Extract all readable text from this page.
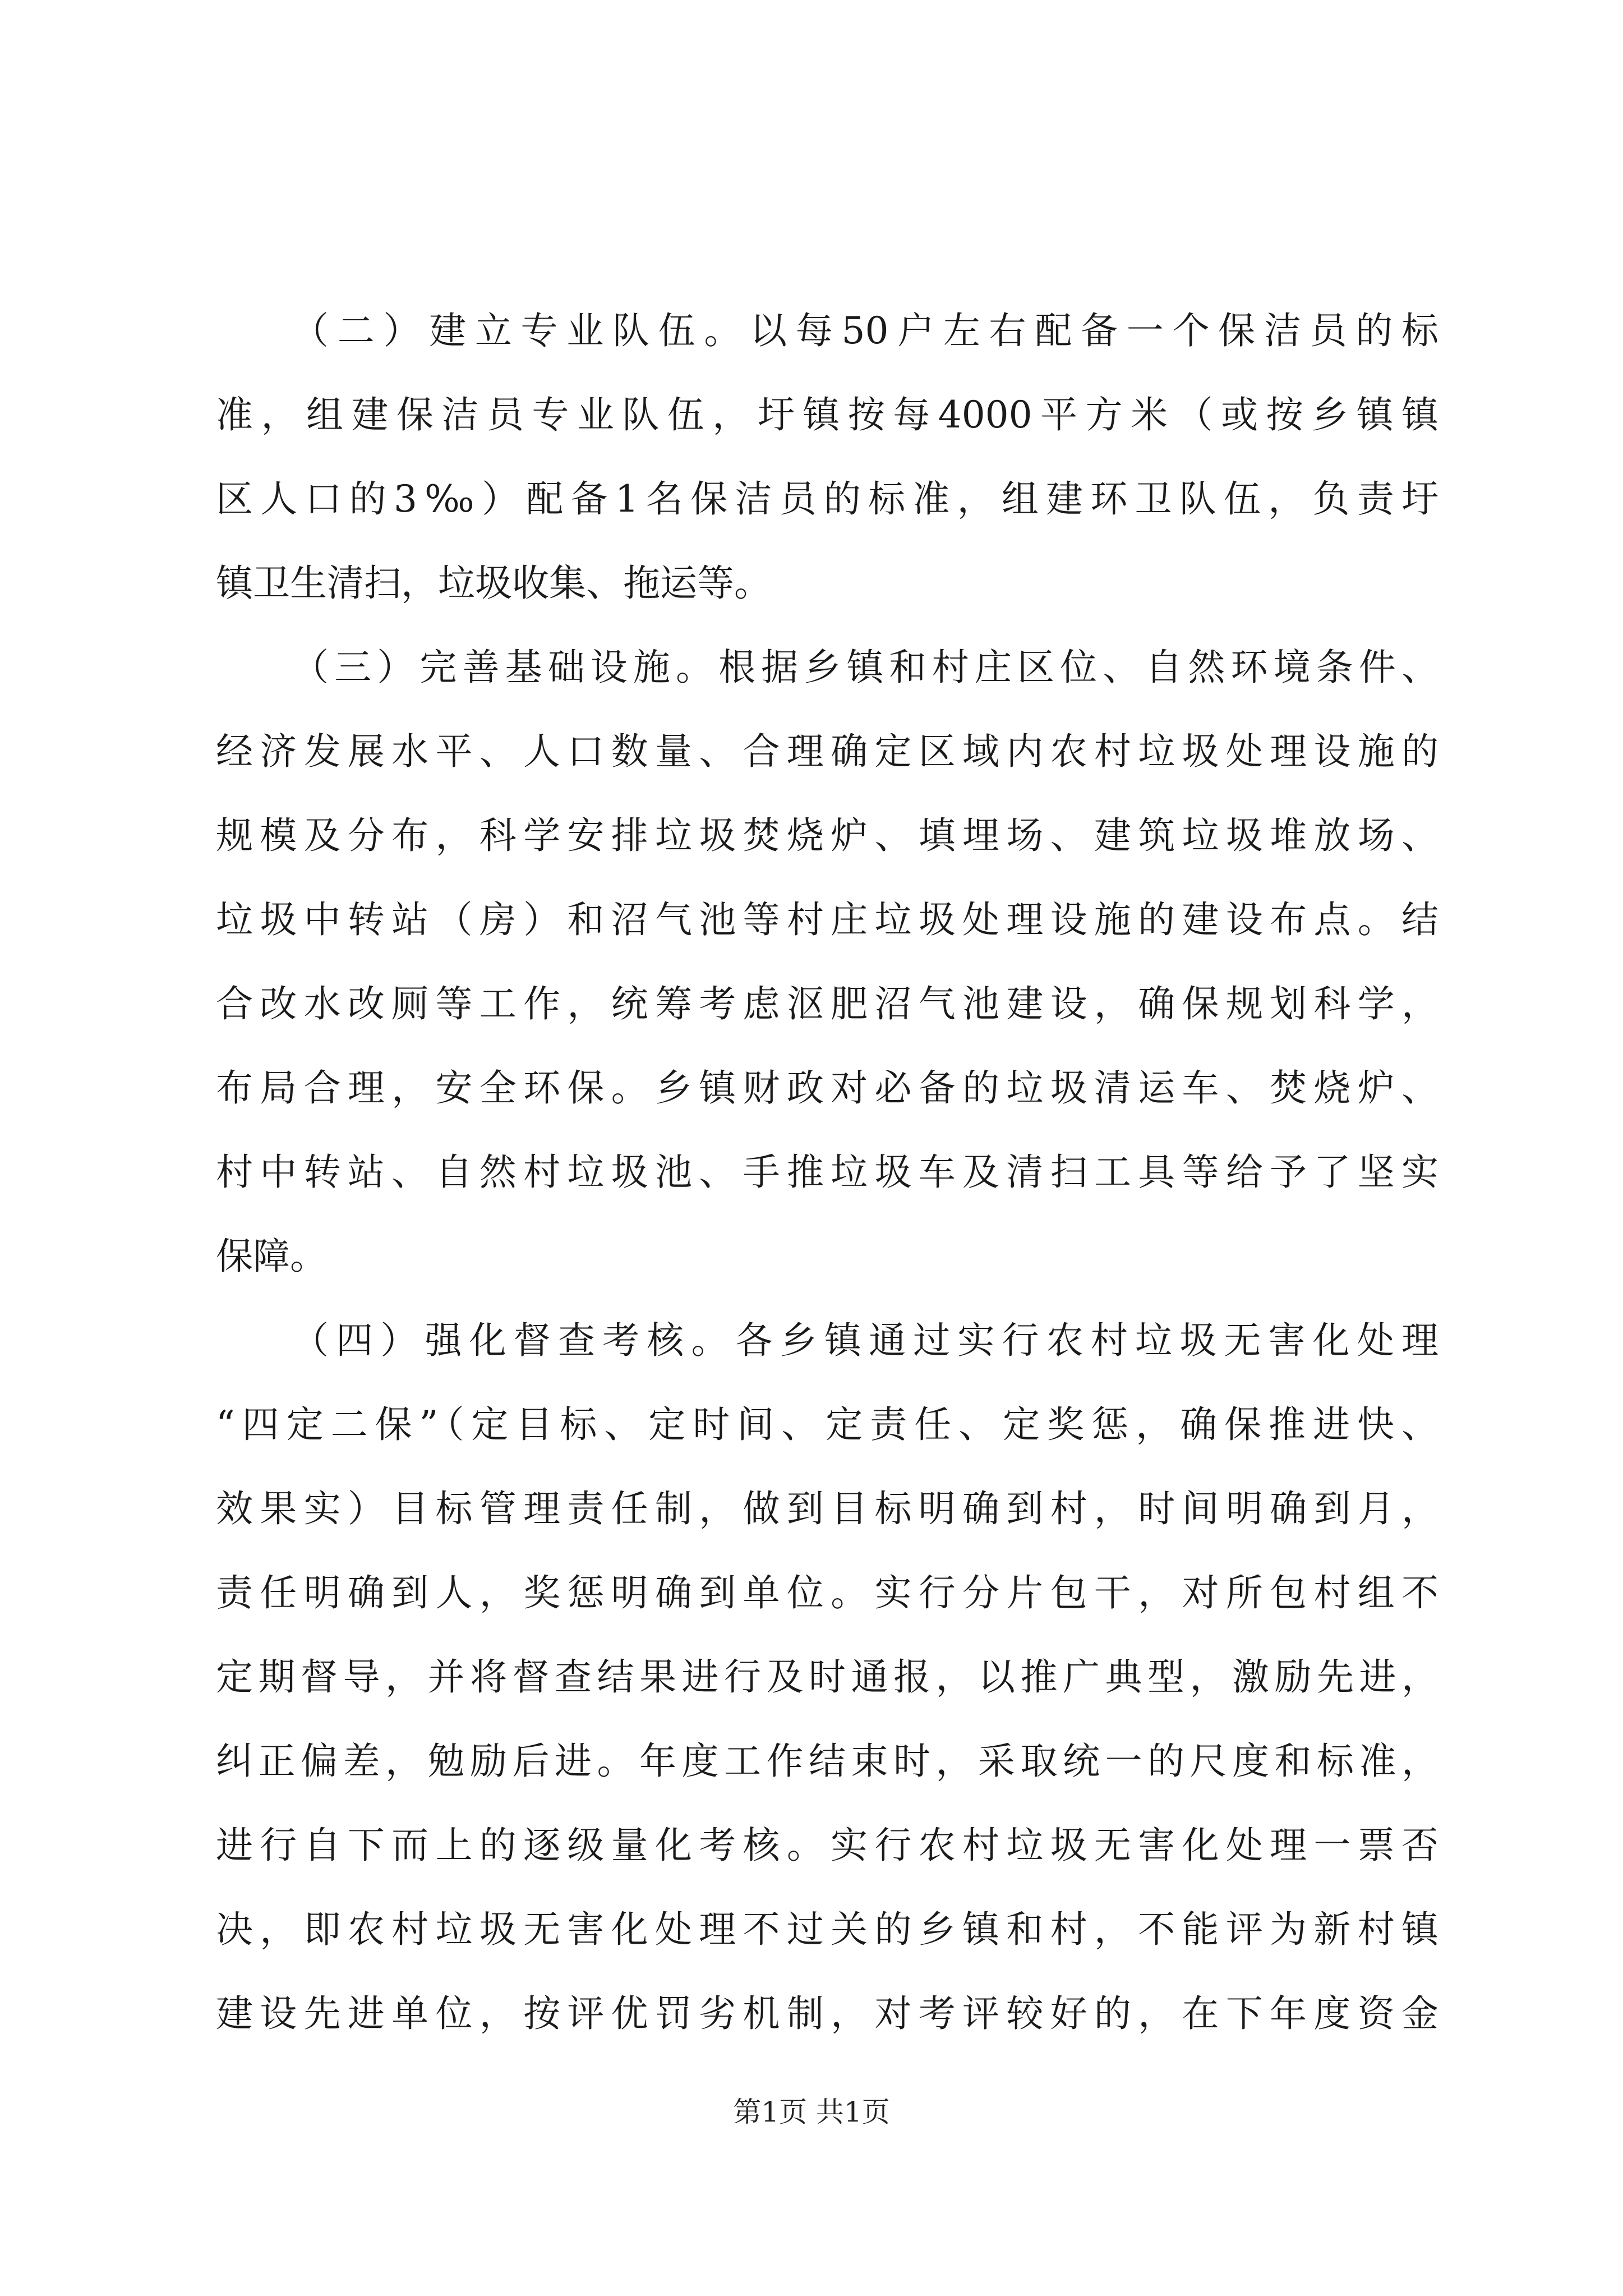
（二）建立专业队伍。以每50户左右配备一个保洁员的标
准，组建保洁员专业队伍，圩镇按每4000平方米（或按乡镇镇
区人口的3‰）配备1名保洁员的标准，组建环卫队伍，负责圩
镇卫生清扫，垃圾收集、拖运等。
（三）完善基础设施。根据乡镇和村庄区位、自然环境条件、
经济发展水平、人口数量、合理确定区域内农村垃圾处理设施的
规模及分布，科学安排垃圾焚烧炉、填埋场、建筑垃圾堆放场、
垃圾中转站（房）和沼气池等村庄垃圾处理设施的建设布点。结
合改水改厕等工作，统筹考虑沤肥沼气池建设，确保规划科学，
布局合理，安全环保。乡镇财政对必备的垃圾清运车、焚烧炉、
村中转站、自然村垃圾池、手推垃圾车及清扫工具等给予了坚实
保障。
（四）强化督查考核。各乡镇通过实行农村垃圾无害化处理
“四定二保”（定目标、定时间、定责任、定奖惩，确保推进快、
效果实）目标管理责任制，做到目标明确到村，时间明确到月，
责任明确到人，奖惩明确到单位。实行分片包干，对所包村组不
定期督导，并将督查结果进行及时通报，以推广典型，激励先进，
纠正偏差，勉励后进。年度工作结束时，采取统一的尺度和标准，
进行自下而上的逐级量化考核。实行农村垃圾无害化处理一票否
决，即农村垃圾无害化处理不过关的乡镇和村，不能评为新村镇
建设先进单位，按评优罚劣机制，对考评较好的，在下年度资金
第1页 共1页
